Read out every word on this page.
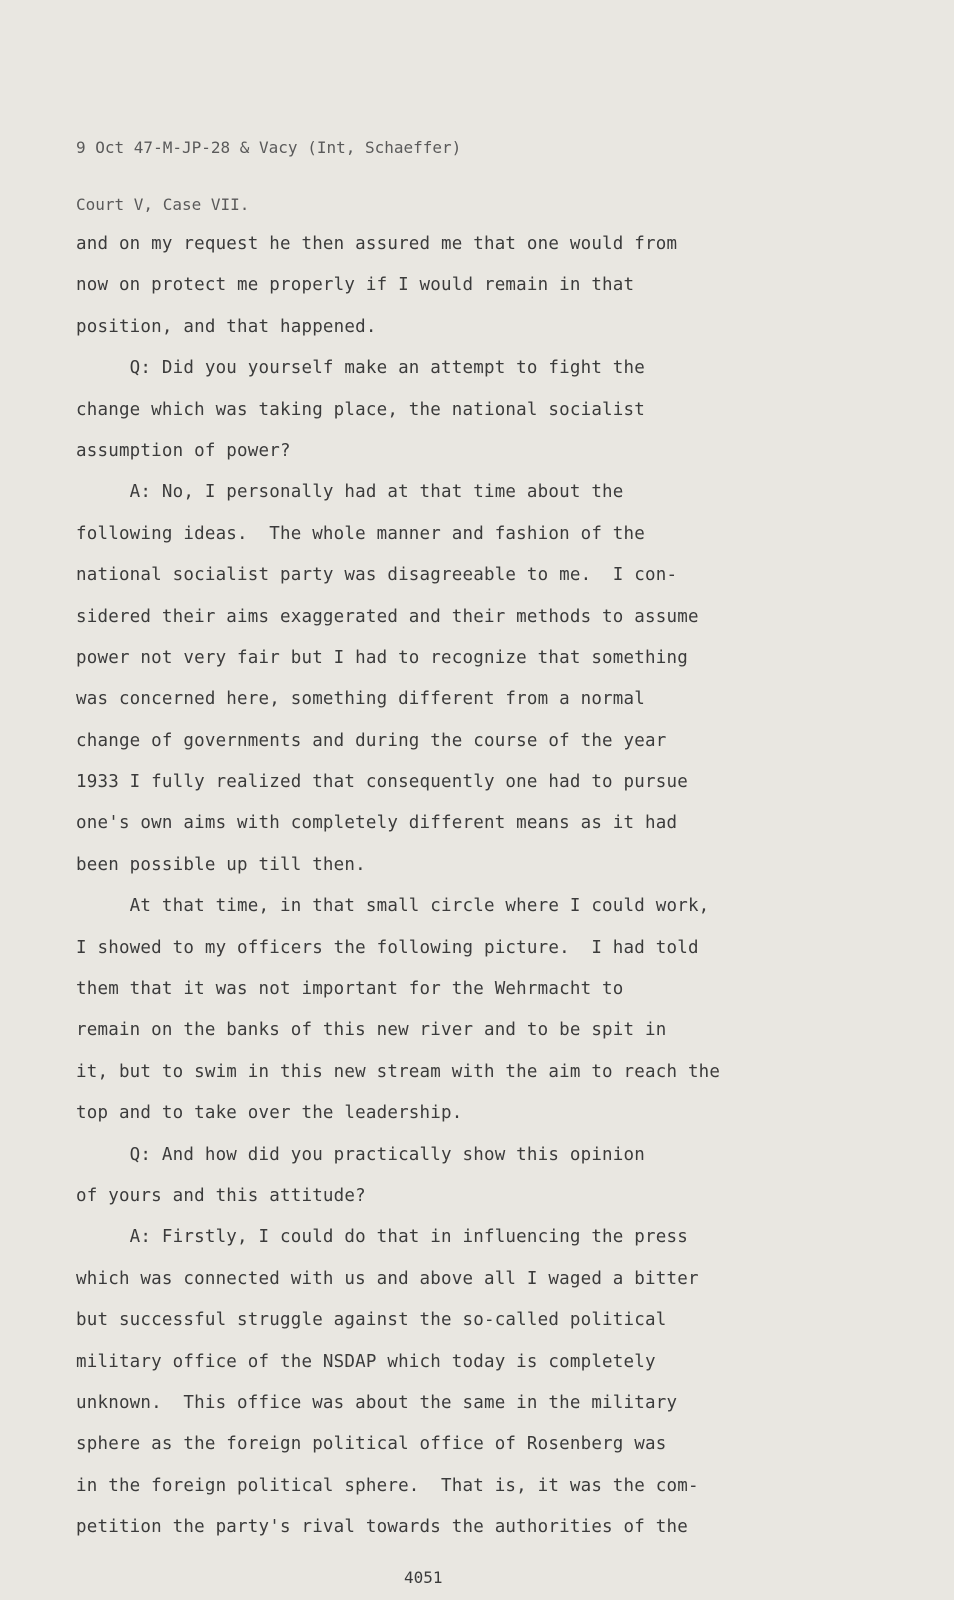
9 Oct 47-M-JP-28 & Vacy (Int, Schaeffer)

Court V, Case VII.

and on my request he then assured me that one would from
now on protect me properly if I would remain in that
position, and that happened.
Q: Did you yourself make an attempt to fight the
change which was taking place, the national socialist
assumption of power?
A: No, I personally had at that time about the
following ideas.  The whole manner and fashion of the
national socialist party was disagreeable to me.  I con-
sidered their aims exaggerated and their methods to assume
power not very fair but I had to recognize that something
was concerned here, something different from a normal
change of governments and during the course of the year
1933 I fully realized that consequently one had to pursue
one's own aims with completely different means as it had
been possible up till then.
At that time, in that small circle where I could work,
I showed to my officers the following picture.  I had told
them that it was not important for the Wehrmacht to
remain on the banks of this new river and to be spit in
it, but to swim in this new stream with the aim to reach the
top and to take over the leadership.
Q: And how did you practically show this opinion
of yours and this attitude?
A: Firstly, I could do that in influencing the press
which was connected with us and above all I waged a bitter
but successful struggle against the so-called political
military office of the NSDAP which today is completely
unknown.  This office was about the same in the military
sphere as the foreign political office of Rosenberg was
in the foreign political sphere.  That is, it was the com-
petition the party's rival towards the authorities of the
4051
